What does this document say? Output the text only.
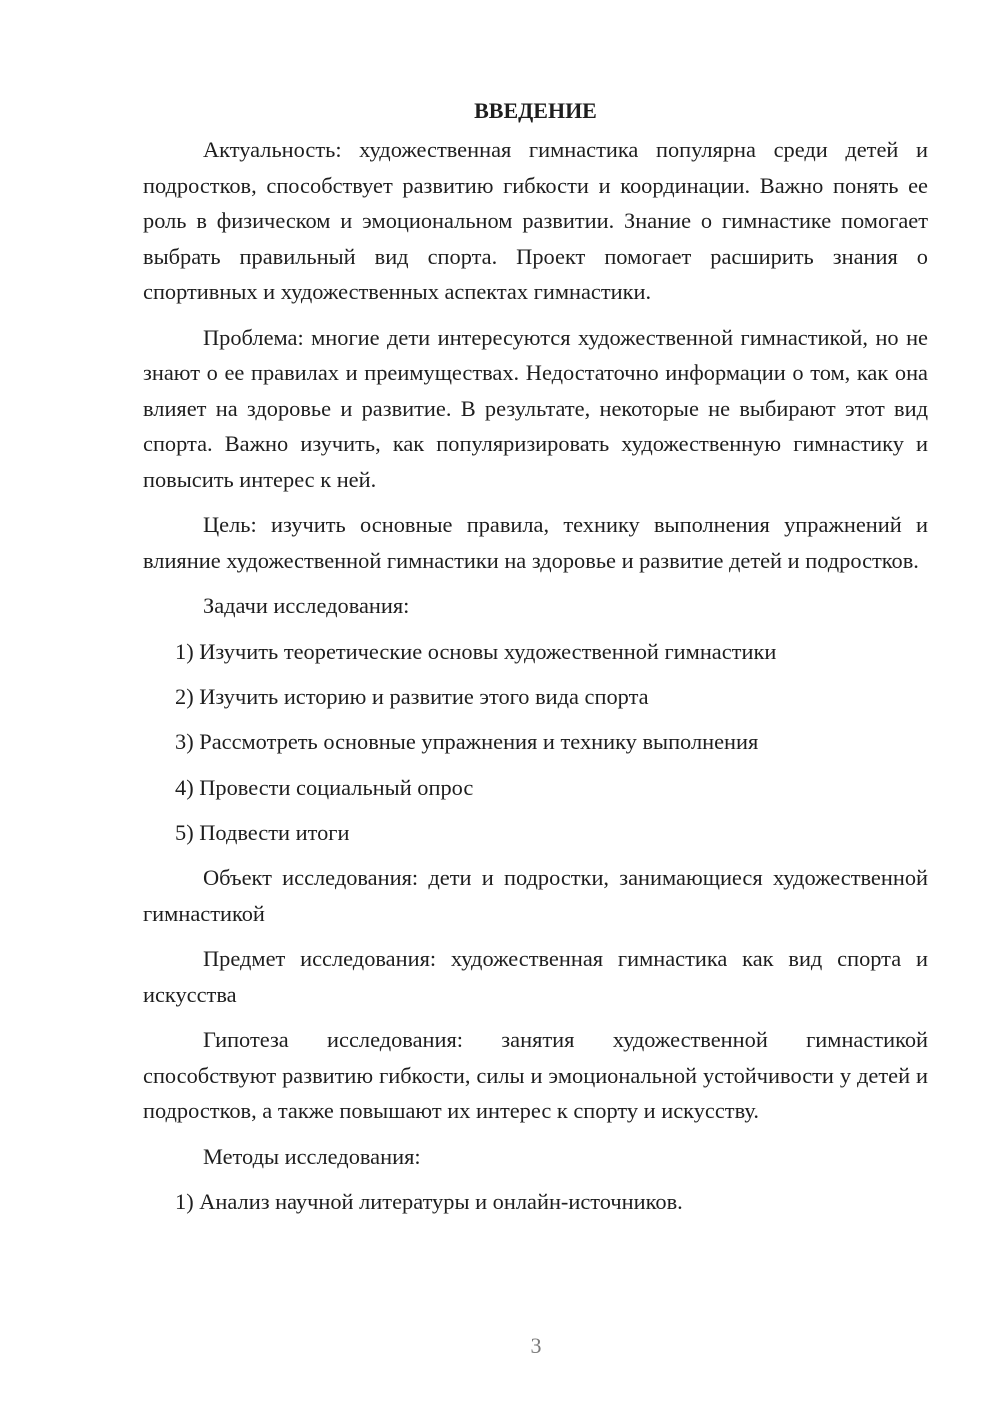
ВВЕДЕНИЕ

Актуальность: художественная гимнастика популярна среди детей и подростков, способствует развитию гибкости и координации. Важно понять ее роль в физическом и эмоциональном развитии. Знание о гимнастике помогает выбрать правильный вид спорта. Проект помогает расширить знания о спортивных и художественных аспектах гимнастики.

Проблема: многие дети интересуются художественной гимнастикой, но не знают о ее правилах и преимуществах. Недостаточно информации о том, как она влияет на здоровье и развитие. В результате, некоторые не выбирают этот вид спорта. Важно изучить, как популяризировать художественную гимнастику и повысить интерес к ней.

Цель: изучить основные правила, технику выполнения упражнений и влияние художественной гимнастики на здоровье и развитие детей и подростков.

Задачи исследования:

1) Изучить теоретические основы художественной гимнастики

2) Изучить историю и развитие этого вида спорта

3) Рассмотреть основные упражнения и технику выполнения

4) Провести социальный опрос

5) Подвести итоги

Объект исследования: дети и подростки, занимающиеся художественной гимнастикой

Предмет исследования: художественная гимнастика как вид спорта и искусства

Гипотеза исследования: занятия художественной гимнастикой способствуют развитию гибкости, силы и эмоциональной устойчивости у детей и подростков, а также повышают их интерес к спорту и искусству.

Методы исследования:

1) Анализ научной литературы и онлайн-источников.

3
